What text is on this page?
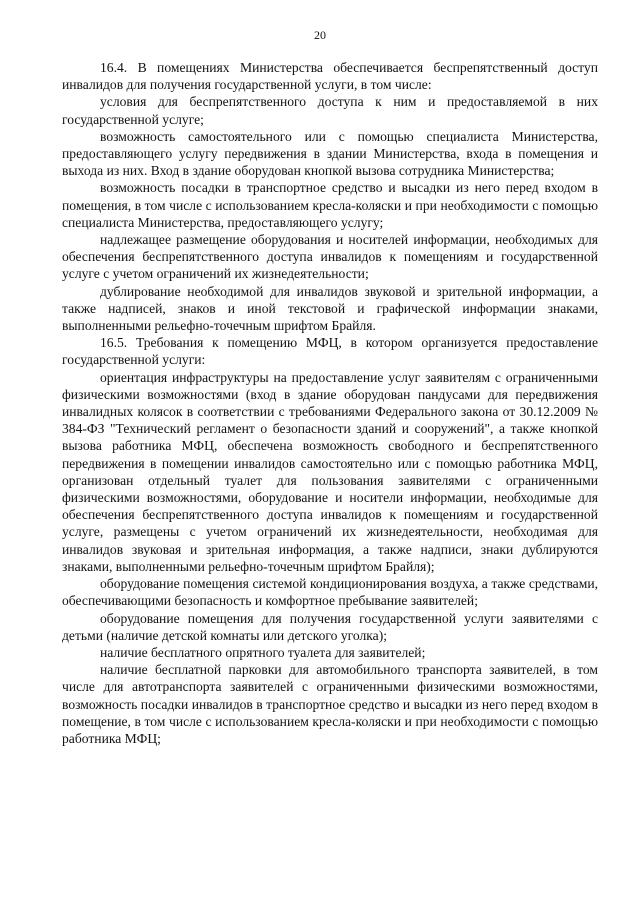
20

16.4. В помещениях Министерства обеспечивается беспрепятственный доступ инвалидов для получения государственной услуги, в том числе:

условия для беспрепятственного доступа к ним и предоставляемой в них государственной услуге;

возможность самостоятельного или с помощью специалиста Министерства, предоставляющего услугу передвижения в здании Министерства, входа в помещения и выхода из них. Вход в здание оборудован кнопкой вызова сотрудника Министерства;

возможность посадки в транспортное средство и высадки из него перед входом в помещения, в том числе с использованием кресла-коляски и при необходимости с помощью специалиста Министерства, предоставляющего услугу;

надлежащее размещение оборудования и носителей информации, необходимых для обеспечения беспрепятственного доступа инвалидов к помещениям и государственной услуге с учетом ограничений их жизнедеятельности;

дублирование необходимой для инвалидов звуковой и зрительной информации, а также надписей, знаков и иной текстовой и графической информации знаками, выполненными рельефно-точечным шрифтом Брайля.

16.5. Требования к помещению МФЦ, в котором организуется предоставление государственной услуги:

ориентация инфраструктуры на предоставление услуг заявителям с ограниченными физическими возможностями (вход в здание оборудован пандусами для передвижения инвалидных колясок в соответствии с требованиями Федерального закона от 30.12.2009 № 384-ФЗ "Технический регламент о безопасности зданий и сооружений", а также кнопкой вызова работника МФЦ, обеспечена возможность свободного и беспрепятственного передвижения в помещении инвалидов самостоятельно или с помощью работника МФЦ, организован отдельный туалет для пользования заявителями с ограниченными физическими возможностями, оборудование и носители информации, необходимые для обеспечения беспрепятственного доступа инвалидов к помещениям и государственной услуге, размещены с учетом ограничений их жизнедеятельности, необходимая для инвалидов звуковая и зрительная информация, а также надписи, знаки дублируются знаками, выполненными рельефно-точечным шрифтом Брайля);

оборудование помещения системой кондиционирования воздуха, а также средствами, обеспечивающими безопасность и комфортное пребывание заявителей;

оборудование помещения для получения государственной услуги заявителями с детьми (наличие детской комнаты или детского уголка);

наличие бесплатного опрятного туалета для заявителей;

наличие бесплатной парковки для автомобильного транспорта заявителей, в том числе для автотранспорта заявителей с ограниченными физическими возможностями, возможность посадки инвалидов в транспортное средство и высадки из него перед входом в помещение, в том числе с использованием кресла-коляски и при необходимости с помощью работника МФЦ;
